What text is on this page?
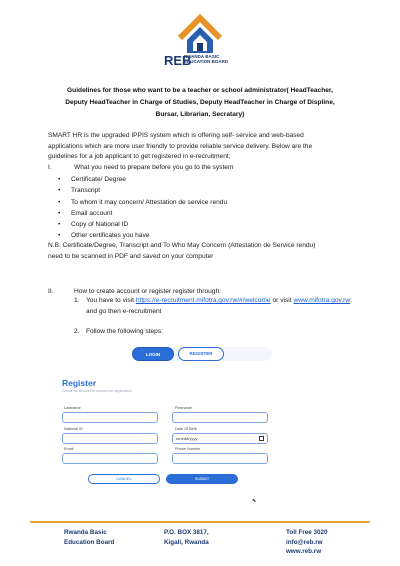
REB
RWANDA BASIC
EDUCATION BOARD
Guidelines for those who want to be a teacher or school administrator( HeadTeacher,
Deputy HeadTeacher in Charge of Studies, Deputy HeadTeacher in Charge of Displine,
Bursar, Librarian, Secratary)
SMART HR is the upgraded IPPIS system which is offering self- service and web-based
applications which are more user friendly to provide reliable service delivery. Below are the
guidelines for a job applicant to get registered in e-recruitment;
I.	What you need to prepare before you go to the system
• Certificate/ Degree
• Transcript
• To whom it may concern/ Attestation de service rendu
• Email account
• Copy of National ID
• Other certificates you have
N.B: Certificate/Degree, Transcript and To Who May Concern (Attestation de Service rendu)
need to be scanned in PDF and saved on your computer
II.	How to create account or register register through:
1. You have to visit https://e-recruitment.mifotra.gov.rw/#/welcome or visit www.mifotra.gov.rw: and go then e-recruitment
2. Follow the following steps:
LOGIN	REGISTER
Register
Create an account to access the application
Lastname	Firstname
National ID	Date Of Birth
mm/dd/yyyy
Email	Phone Number
CANCEL	SUBMIT
⬉
Rwanda Basic
Education Board
P.O. BOX 3817,
Kigali, Rwanda
Toll Free 3020
info@reb.rw
www.reb.rw
